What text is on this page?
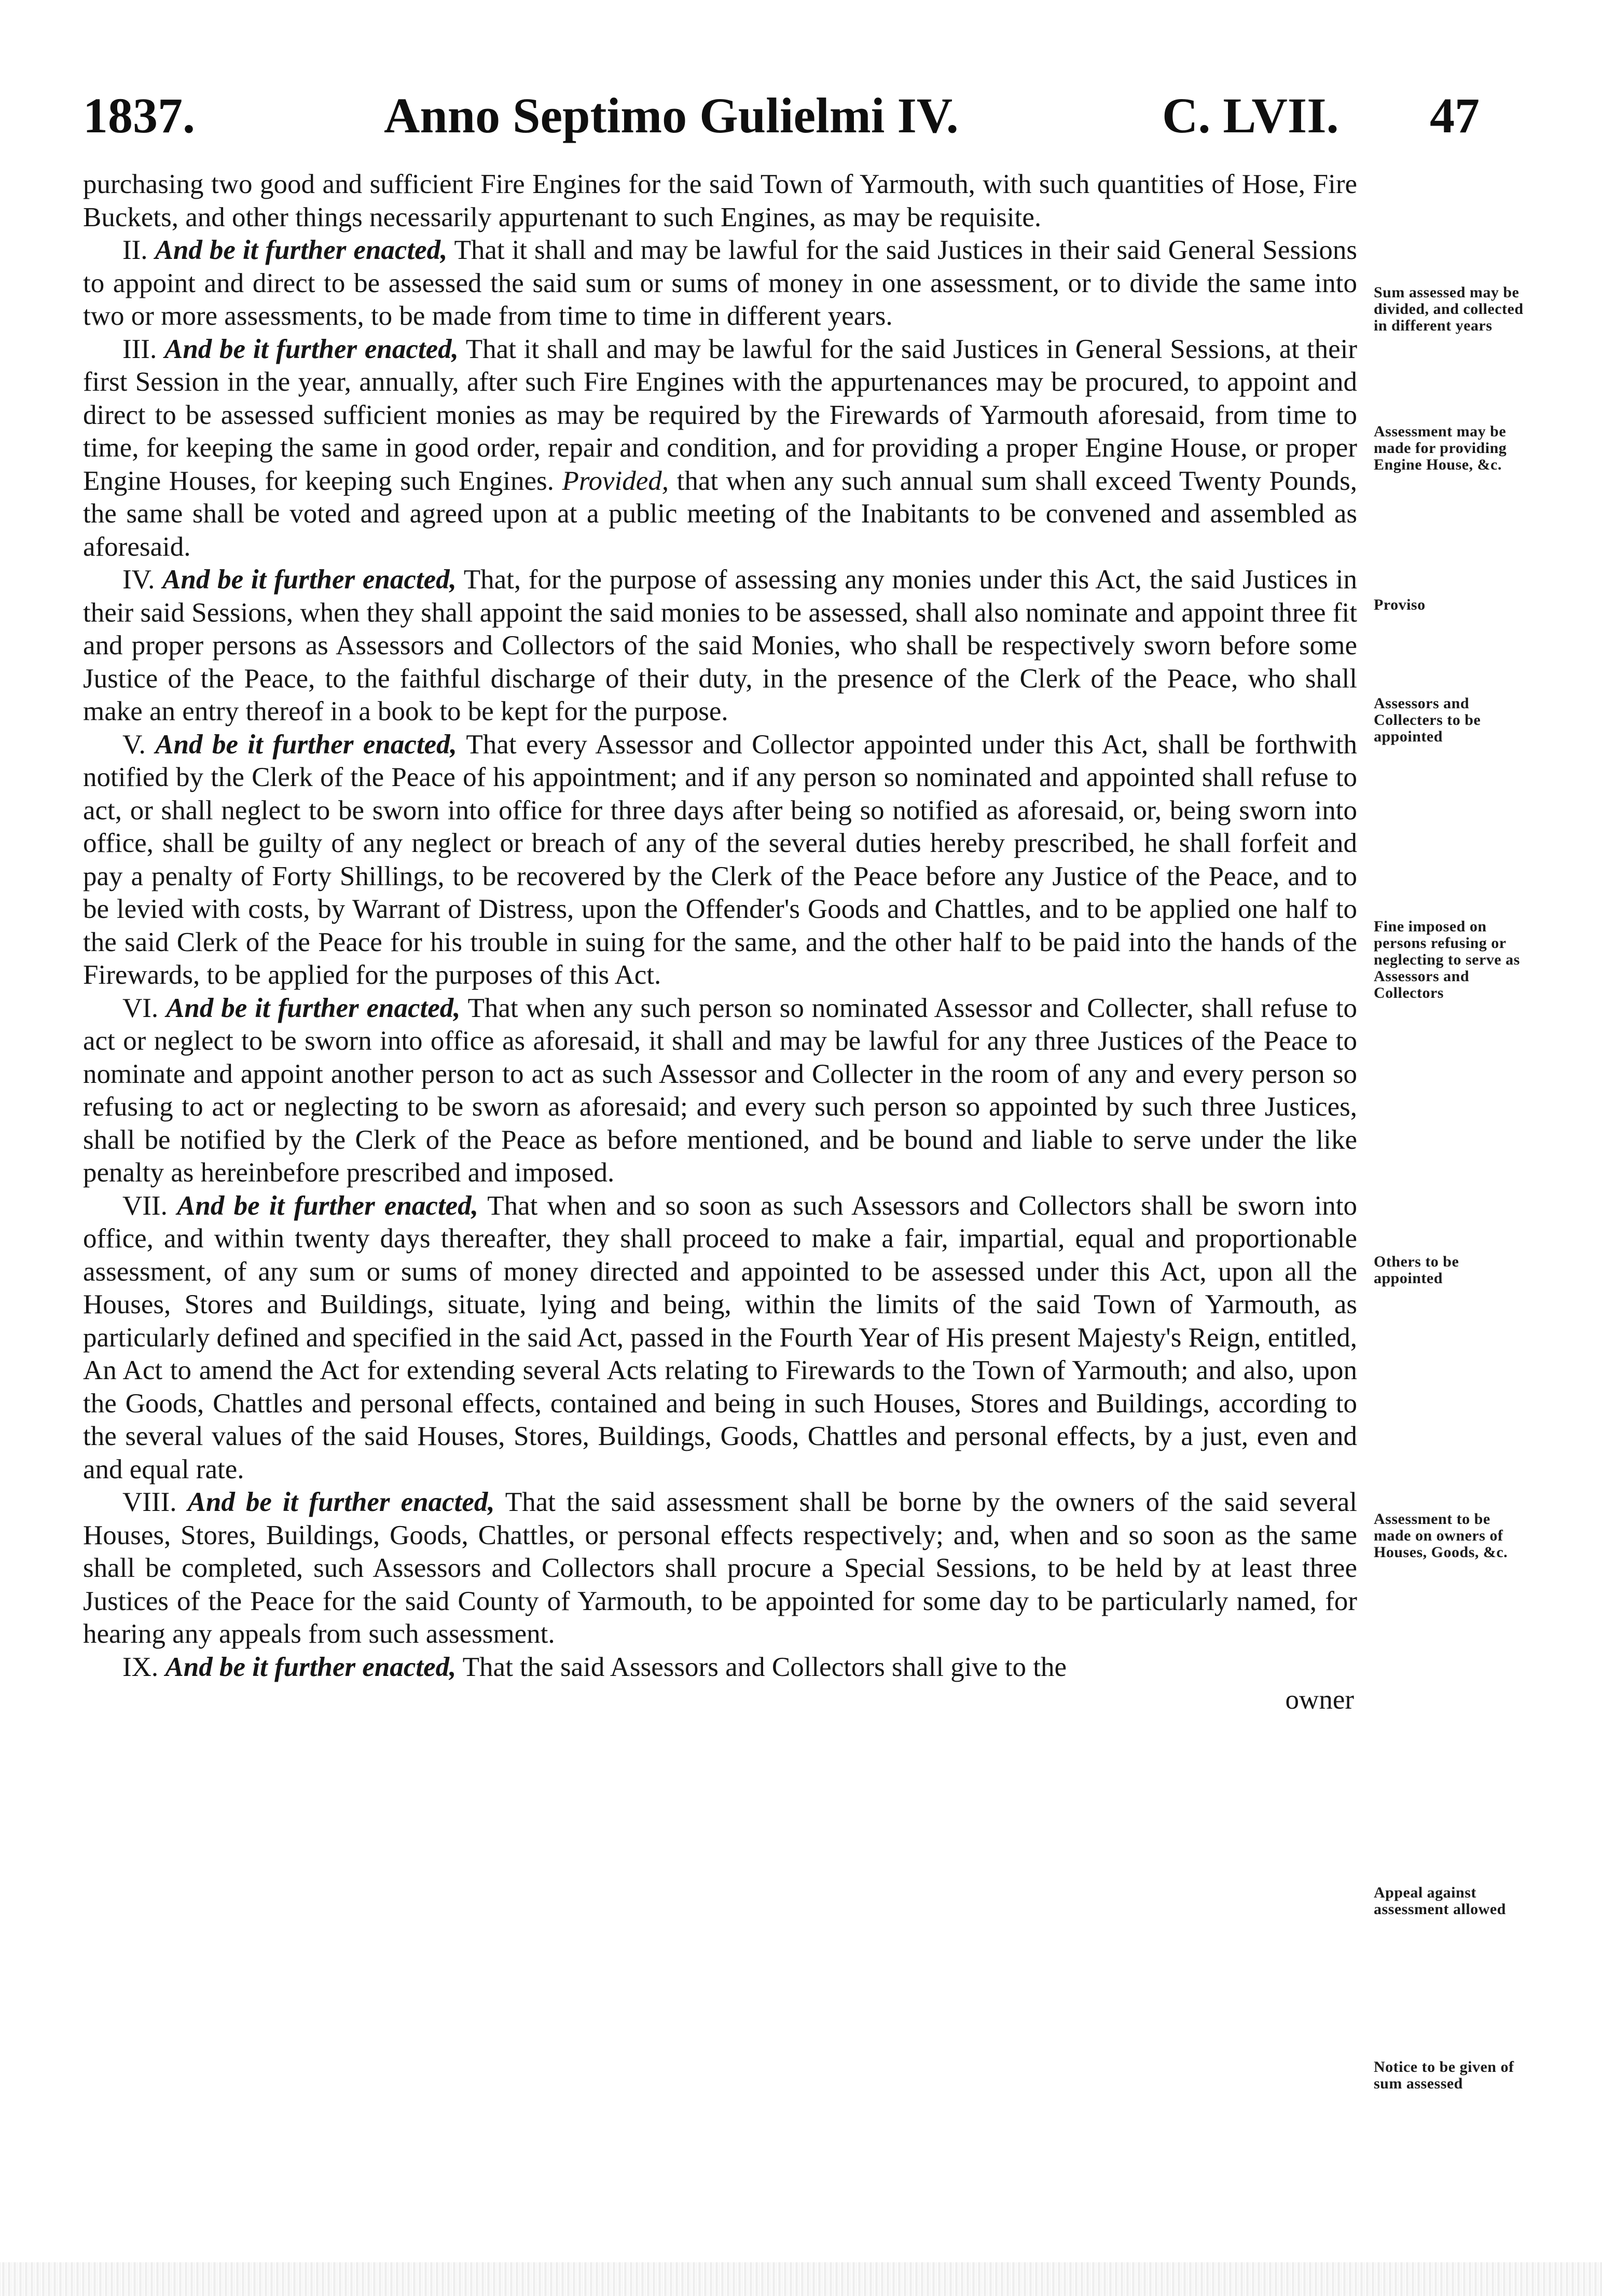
1837.	Anno Septimo Gulielmi IV.	C. LVII. 47

purchasing two good and sufficient Fire Engines for the said Town of Yarmouth, with such quantities of Hose, Fire Buckets, and other things necessarily appurtenant to such Engines, as may be requisite.

II. And be it further enacted, That it shall and may be lawful for the said Justices in their said General Sessions to appoint and direct to be assessed the said sum or sums of money in one assessment, or to divide the same into two or more assessments, to be made from time to time in different years.

III. And be it further enacted, That it shall and may be lawful for the said Justices in General Sessions, at their first Session in the year, annually, after such Fire Engines with the appurtenances may be procured, to appoint and direct to be assessed sufficient monies as may be required by the Firewards of Yarmouth aforesaid, from time to time, for keeping the same in good order, repair and condition, and for providing a proper Engine House, or proper Engine Houses, for keeping such Engines. Provided, that when any such annual sum shall exceed Twenty Pounds, the same shall be voted and agreed upon at a public meeting of the Inabitants to be convened and assembled as aforesaid.

IV. And be it further enacted, That, for the purpose of assessing any monies under this Act, the said Justices in their said Sessions, when they shall appoint the said monies to be assessed, shall also nominate and appoint three fit and proper persons as Assessors and Collectors of the said Monies, who shall be respectively sworn before some Justice of the Peace, to the faithful discharge of their duty, in the presence of the Clerk of the Peace, who shall make an entry thereof in a book to be kept for the purpose.

V. And be it further enacted, That every Assessor and Collector appointed under this Act, shall be forthwith notified by the Clerk of the Peace of his appointment; and if any person so nominated and appointed shall refuse to act, or shall neglect to be sworn into office for three days after being so notified as aforesaid, or, being sworn into office, shall be guilty of any neglect or breach of any of the several duties hereby prescribed, he shall forfeit and pay a penalty of Forty Shillings, to be recovered by the Clerk of the Peace before any Justice of the Peace, and to be levied with costs, by Warrant of Distress, upon the Offender's Goods and Chattles, and to be applied one half to the said Clerk of the Peace for his trouble in suing for the same, and the other half to be paid into the hands of the Firewards, to be applied for the purposes of this Act.

VI. And be it further enacted, That when any such person so nominated Assessor and Collecter, shall refuse to act or neglect to be sworn into office as aforesaid, it shall and may be lawful for any three Justices of the Peace to nominate and appoint another person to act as such Assessor and Collecter in the room of any and every person so refusing to act or neglecting to be sworn as aforesaid; and every such person so appointed by such three Justices, shall be notified by the Clerk of the Peace as before mentioned, and be bound and liable to serve under the like penalty as hereinbefore prescribed and imposed.

VII. And be it further enacted, That when and so soon as such Assessors and Collectors shall be sworn into office, and within twenty days thereafter, they shall proceed to make a fair, impartial, equal and proportionable assessment, of any sum or sums of money directed and appointed to be assessed under this Act, upon all the Houses, Stores and Buildings, situate, lying and being, within the limits of the said Town of Yarmouth, as particularly defined and specified in the said Act, passed in the Fourth Year of His present Majesty's Reign, entitled, An Act to amend the Act for extending several Acts relating to Firewards to the Town of Yarmouth; and also, upon the Goods, Chattles and personal effects, contained and being in such Houses, Stores and Buildings, according to the several values of the said Houses, Stores, Buildings, Goods, Chattles and personal effects, by a just, even and and equal rate.

VIII. And be it further enacted, That the said assessment shall be borne by the owners of the said several Houses, Stores, Buildings, Goods, Chattles, or personal effects respectively; and, when and so soon as the same shall be completed, such Assessors and Collectors shall procure a Special Sessions, to be held by at least three Justices of the Peace for the said County of Yarmouth, to be appointed for some day to be particularly named, for hearing any appeals from such assessment.

IX. And be it further enacted, That the said Assessors and Collectors shall give to the

owner
Sum assessed may be divided, and collected in different years
Assessment may be made for providing Engine House, &c.
Proviso
Assessors and Collecters to be appointed
Fine imposed on persons refusing or neglecting to serve as Assessors and Collectors
Others to be appointed
Assessment to be made on owners of Houses, Goods, &c.
Appeal against assessment allowed
Notice to be given of sum assessed
